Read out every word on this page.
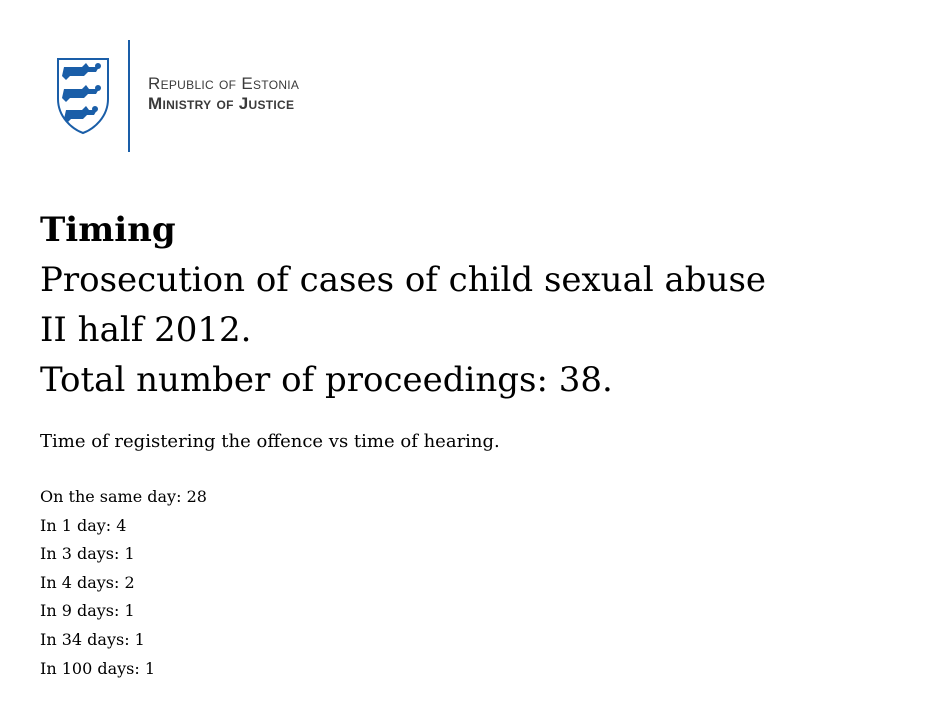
Republic of Estonia
Ministry of Justice
Timing

Prosecution of cases of child sexual abuse

II half 2012.

Total number of proceedings: 38.

Time of registering the offence vs time of hearing.

On the same day: 28
In 1 day: 4
In 3 days: 1
In 4 days: 2
In 9 days: 1
In 34 days: 1
In 100 days: 1
